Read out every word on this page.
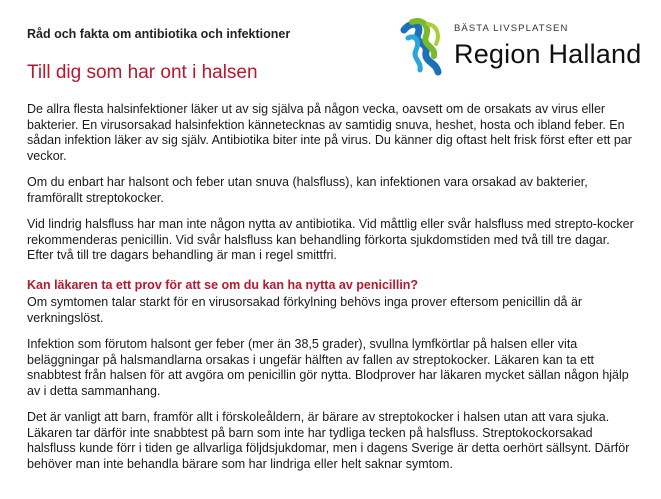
Råd och fakta om antibiotika och infektioner	BÄSTA LIVSPLATSEN
Region Halland
Till dig som har ont i halsen

De allra flesta halsinfektioner läker ut av sig själva på någon vecka, oavsett om de orsakats av virus eller bakterier. En virusorsakad halsinfektion kännetecknas av samtidig snuva, heshet, hosta och ibland feber. En sådan infektion läker av sig själv. Antibiotika biter inte på virus. Du känner dig oftast helt frisk först efter ett par veckor.

Om du enbart har halsont och feber utan snuva (halsfluss), kan infektionen vara orsakad av bakterier, framförallt streptokocker.

Vid lindrig halsfluss har man inte någon nytta av antibiotika. Vid måttlig eller svår halsfluss med strepto-kocker rekommenderas penicillin. Vid svår halsfluss kan behandling förkorta sjukdomstiden med två till tre dagar. Efter två till tre dagars behandling är man i regel smittfri.

Kan läkaren ta ett prov för att se om du kan ha nytta av penicillin?

Om symtomen talar starkt för en virusorsakad förkylning behövs inga prover eftersom penicillin då är verkningslöst.

Infektion som förutom halsont ger feber (mer än 38,5 grader), svullna lymfkörtlar på halsen eller vita beläggningar på halsmandlarna orsakas i ungefär hälften av fallen av streptokocker. Läkaren kan ta ett snabbtest från halsen för att avgöra om penicillin gör nytta. Blodprover har läkaren mycket sällan någon hjälp av i detta sammanhang.

Det är vanligt att barn, framför allt i förskoleåldern, är bärare av streptokocker i halsen utan att vara sjuka. Läkaren tar därför inte snabbtest på barn som inte har tydliga tecken på halsfluss. Streptokockorsakad halsfluss kunde förr i tiden ge allvarliga följdsjukdomar, men i dagens Sverige är detta oerhört sällsynt. Därför behöver man inte behandla bärare som har lindriga eller helt saknar symtom.
